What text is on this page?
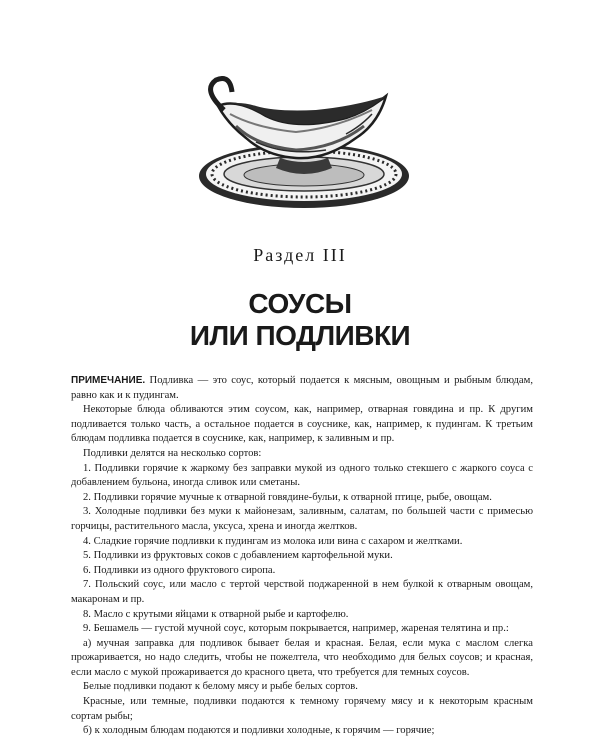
Раздел III
СОУСЫ
ИЛИ ПОДЛИВКИ

ПРИМЕЧАНИЕ. Подливка — это соус, который подается к мясным, овощным и рыбным блюдам, равно как и к пудингам.

Некоторые блюда обливаются этим соусом, как, например, отварная говядина и пр. К другим подливается только часть, а остальное подается в соуснике, как, например, к пудингам. К третьим блюдам подливка подается в соуснике, как, например, к заливным и пр.

Подливки делятся на несколько сортов:

1. Подливки горячие к жаркому без заправки мукой из одного только стекшего с жаркого соуса с добавлением бульона, иногда сливок или сметаны.

2. Подливки горячие мучные к отварной говядине-бульи, к отварной птице, рыбе, овощам.

3. Холодные подливки без муки к майонезам, заливным, салатам, по большей части с примесью горчицы, растительного масла, уксуса, хрена и иногда желтков.

4. Сладкие горячие подливки к пудингам из молока или вина с сахаром и желтками.

5. Подливки из фруктовых соков с добавлением картофельной муки.

6. Подливки из одного фруктового сиропа.

7. Польский соус, или масло с тертой черствой поджаренной в нем булкой к отварным овощам, макаронам и пр.

8. Масло с крутыми яйцами к отварной рыбе и картофелю.

9. Бешамель — густой мучной соус, которым покрывается, например, жареная телятина и пр.:

а) мучная заправка для подливок бывает белая и красная. Белая, если мука с маслом слегка прожаривается, но надо следить, чтобы не пожелтела, что необходимо для белых соусов; и красная, если масло с мукой прожаривается до красного цвета, что требуется для темных соусов.

Белые подливки подают к белому мясу и рыбе белых сортов.

Красные, или темные, подливки подаются к темному горячему мясу и к некоторым красным сортам рыбы;

б) к холодным блюдам подаются и подливки холодные, к горячим — горячие;
